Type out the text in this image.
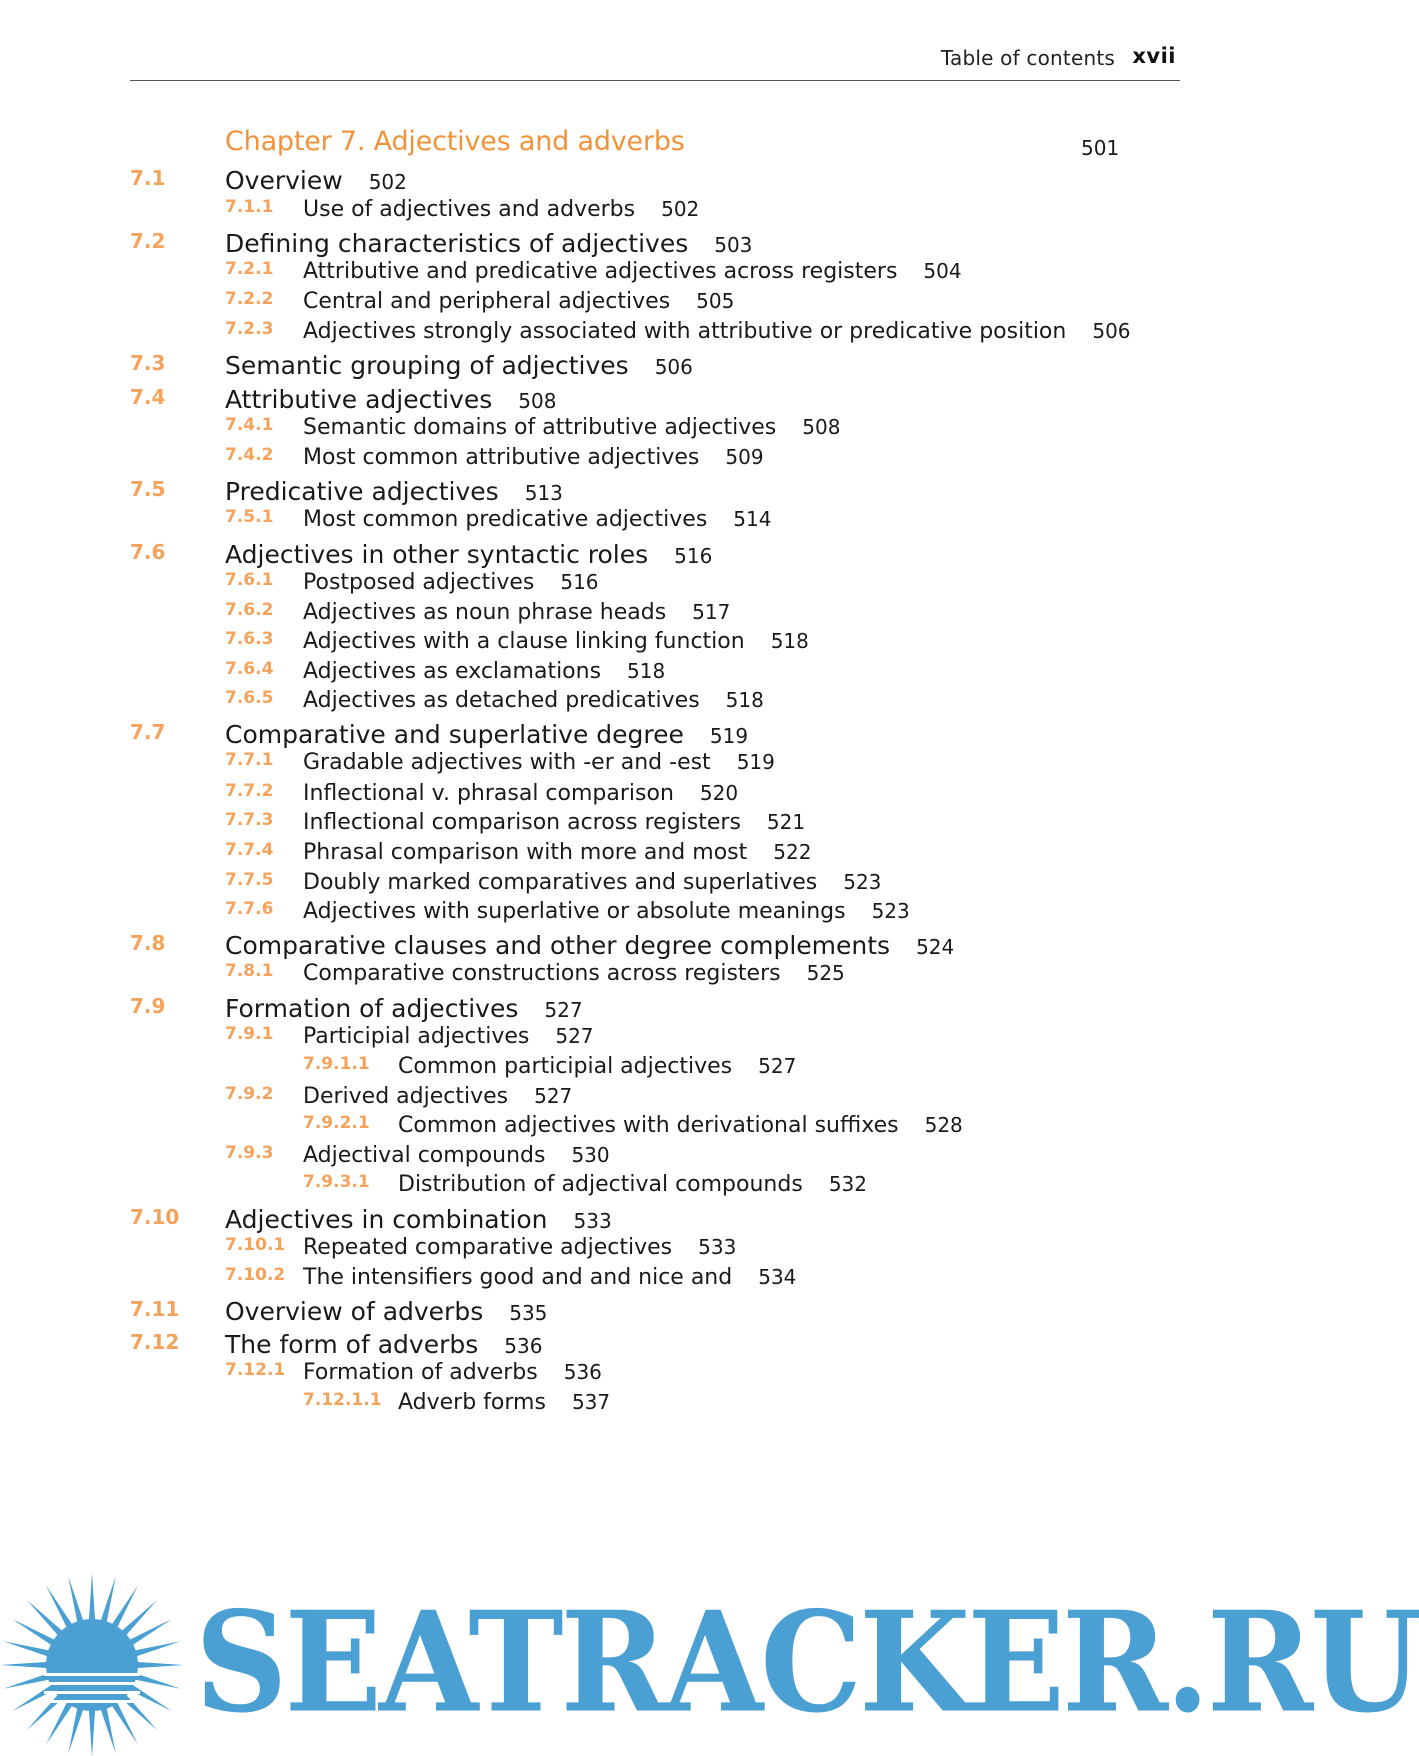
Table of contents xvii
Chapter 7. Adjectives and adverbs	501
7.1 Overview 502
7.1.1 Use of adjectives and adverbs 502
7.2 Defining characteristics of adjectives 503
7.2.1 Attributive and predicative adjectives across registers 504
7.2.2 Central and peripheral adjectives 505
7.2.3 Adjectives strongly associated with attributive or predicative position 506
7.3 Semantic grouping of adjectives 506
7.4 Attributive adjectives 508
7.4.1 Semantic domains of attributive adjectives 508
7.4.2 Most common attributive adjectives 509
7.5 Predicative adjectives 513
7.5.1 Most common predicative adjectives 514
7.6 Adjectives in other syntactic roles 516
7.6.1 Postposed adjectives 516
7.6.2 Adjectives as noun phrase heads 517
7.6.3 Adjectives with a clause linking function 518
7.6.4 Adjectives as exclamations 518
7.6.5 Adjectives as detached predicatives 518
7.7 Comparative and superlative degree 519
7.7.1 Gradable adjectives with -er and -est 519
7.7.2 Inflectional v. phrasal comparison 520
7.7.3 Inflectional comparison across registers 521
7.7.4 Phrasal comparison with more and most 522
7.7.5 Doubly marked comparatives and superlatives 523
7.7.6 Adjectives with superlative or absolute meanings 523
7.8 Comparative clauses and other degree complements 524
7.8.1 Comparative constructions across registers 525
7.9 Formation of adjectives 527
7.9.1 Participial adjectives 527
7.9.1.1 Common participial adjectives 527
7.9.2 Derived adjectives 527
7.9.2.1 Common adjectives with derivational suffixes 528
7.9.3 Adjectival compounds 530
7.9.3.1 Distribution of adjectival compounds 532
7.10 Adjectives in combination 533
7.10.1 Repeated comparative adjectives 533
7.10.2 The intensifiers good and and nice and 534
7.11 Overview of adverbs 535
7.12 The form of adverbs 536
7.12.1 Formation of adverbs 536
7.12.1.1 Adverb forms 537
SEATRACKER.RU
